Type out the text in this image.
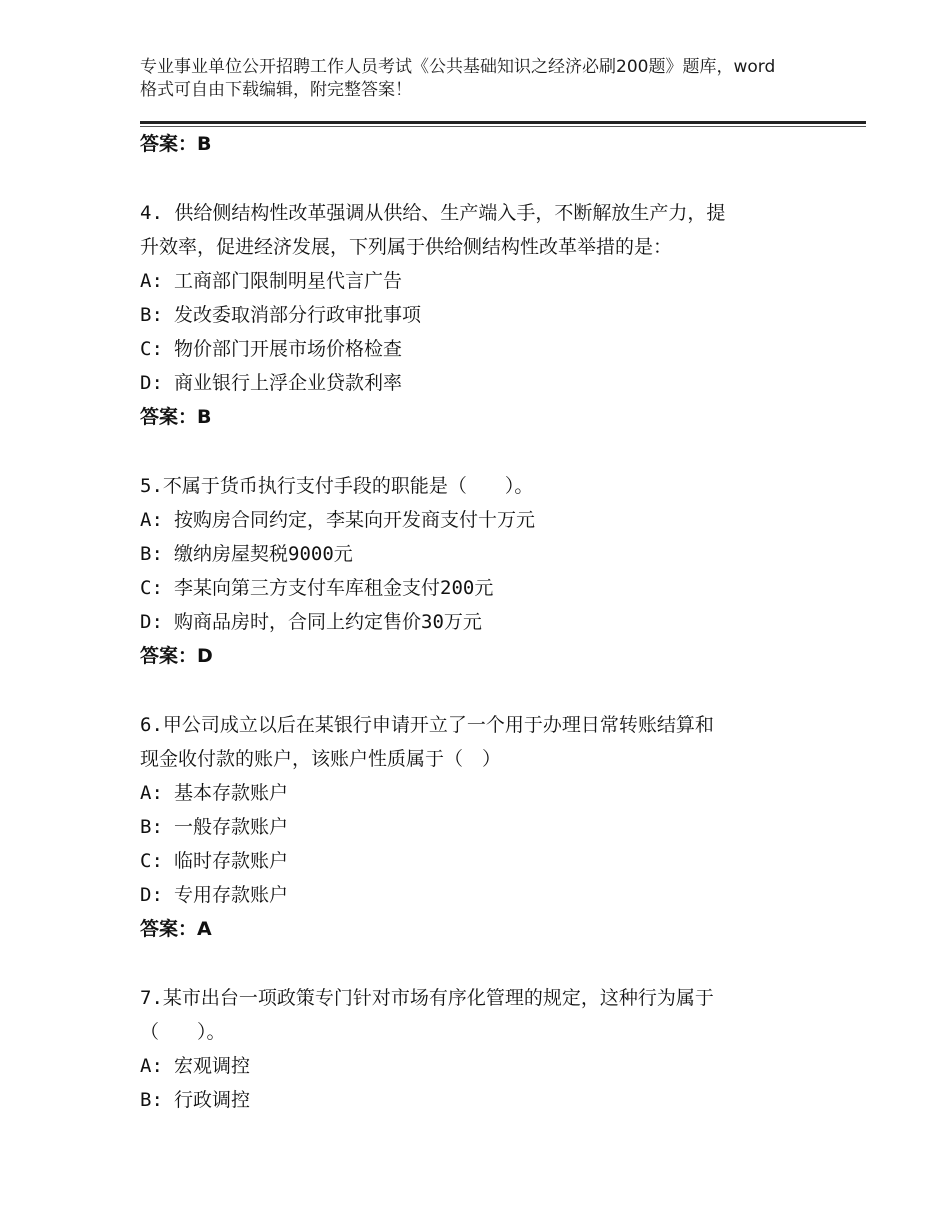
专业事业单位公开招聘工作人员考试《公共基础知识之经济必刷200题》题库，word格式可自由下载编辑，附完整答案！

答案：B

4. 供给侧结构性改革强调从供给、生产端入手，不断解放生产力，提
升效率，促进经济发展，下列属于供给侧结构性改革举措的是：

A: 工商部门限制明星代言广告

B: 发改委取消部分行政审批事项

C: 物价部门开展市场价格检查

D: 商业银行上浮企业贷款利率

答案：B

5.不属于货币执行支付手段的职能是（　　）。

A: 按购房合同约定，李某向开发商支付十万元

B: 缴纳房屋契税9000元

C: 李某向第三方支付车库租金支付200元

D: 购商品房时，合同上约定售价30万元

答案：D

6.甲公司成立以后在某银行申请开立了一个用于办理日常转账结算和
现金收付款的账户，该账户性质属于（　）

A: 基本存款账户

B: 一般存款账户

C: 临时存款账户

D: 专用存款账户

答案：A

7.某市出台一项政策专门针对市场有序化管理的规定，这种行为属于
（　　）。

A: 宏观调控

B: 行政调控
